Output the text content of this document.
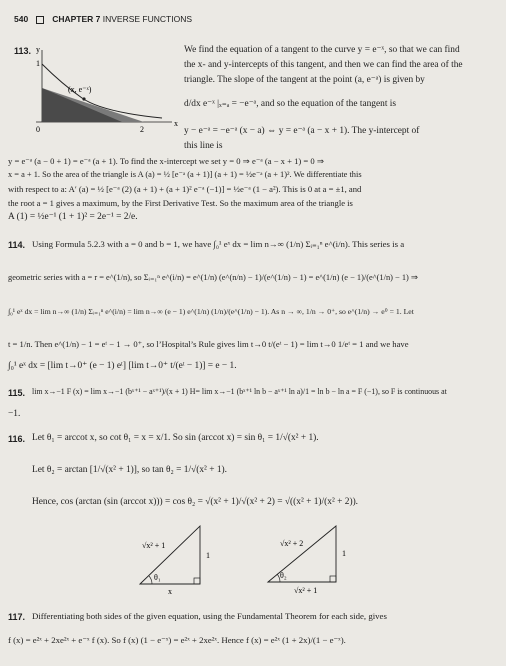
540	CHAPTER 7 INVERSE FUNCTIONS
113. y
x
1
0	2
(x, e⁻ˣ)
We find the equation of a tangent to the curve y = e⁻ˣ, so that we can find
the x- and y-intercepts of this tangent, and then we can find the area of the
triangle. The slope of the tangent at the point (a, e⁻ᵃ) is given by
d/dx e⁻ˣ |ₓ₌ₐ = −e⁻ᵃ, and so the equation of the tangent is
y − e⁻ᵃ = −e⁻ᵃ (x − a) ⇔ y = e⁻ᵃ (a − x + 1). The y-intercept of
this line is
y = e⁻ᵃ (a − 0 + 1) = e⁻ᵃ (a + 1). To find the x-intercept we set y = 0 ⇒ e⁻ᵃ (a − x + 1) = 0 ⇒
x = a + 1. So the area of the triangle is A (a) = ½ [e⁻ᵃ (a + 1)] (a + 1) = ½e⁻ᵃ (a + 1)². We differentiate this
with respect to a: A′ (a) = ½ [e⁻ᵃ (2) (a + 1) + (a + 1)² e⁻ᵃ (−1)] = ½e⁻ᵃ (1 − a²). This is 0 at a = ±1, and
the root a = 1 gives a maximum, by the First Derivative Test. So the maximum area of the triangle is
A (1) = ½e⁻¹ (1 + 1)² = 2e⁻¹ = 2/e.
114. Using Formula 5.2.3 with a = 0 and b = 1, we have ∫₀¹ eˣ dx = lim n→∞ (1/n) Σᵢ₌₁ⁿ e^(i/n). This series is a
geometric series with a = r = e^(1/n), so Σᵢ₌₁ⁿ e^(i/n) = e^(1/n) (e^(n/n) − 1)/(e^(1/n) − 1) = e^(1/n) (e − 1)/(e^(1/n) − 1) ⇒
∫₀¹ eˣ dx = lim n→∞ (1/n) Σᵢ₌₁ⁿ e^(i/n) = lim n→∞ (e − 1) e^(1/n) (1/n)/(e^(1/n) − 1). As n → ∞, 1/n → 0⁺, so e^(1/n) → e⁰ = 1. Let
t = 1/n. Then e^(1/n) − 1 = eᵗ − 1 → 0⁺, so l’Hospital’s Rule gives lim t→0 t/(eᵗ − 1) = lim t→0 1/eᵗ = 1 and we have
∫₀¹ eˣ dx = [lim t→0⁺ (e − 1) eᵗ] [lim t→0⁺ t/(eᵗ − 1)] = e − 1.
115. lim x→−1 F (x) = lim x→−1 (bˣ⁺¹ − aˣ⁺¹)/(x + 1) H= lim x→−1 (bˣ⁺¹ ln b − aˣ⁺¹ ln a)/1 = ln b − ln a = F (−1), so F is continuous at
−1.
116. Let θ₁ = arccot x, so cot θ₁ = x = x/1. So sin (arccot x) = sin θ₁ = 1/√(x² + 1).
Let θ₂ = arctan [1/√(x² + 1)], so tan θ₂ = 1/√(x² + 1).
Hence, cos (arctan (sin (arccot x))) = cos θ₂ = √(x² + 1)/√(x² + 2) = √((x² + 1)/(x² + 2)).
√x² + 1
1
x
θ₁
√x² + 2
1
√x² + 1
θ₂
117. Differentiating both sides of the given equation, using the Fundamental Theorem for each side, gives
f (x) = e²ˣ + 2xe²ˣ + e⁻ˣ f (x). So f (x) (1 − e⁻ˣ) = e²ˣ + 2xe²ˣ. Hence f (x) = e²ˣ (1 + 2x)/(1 − e⁻ˣ).
